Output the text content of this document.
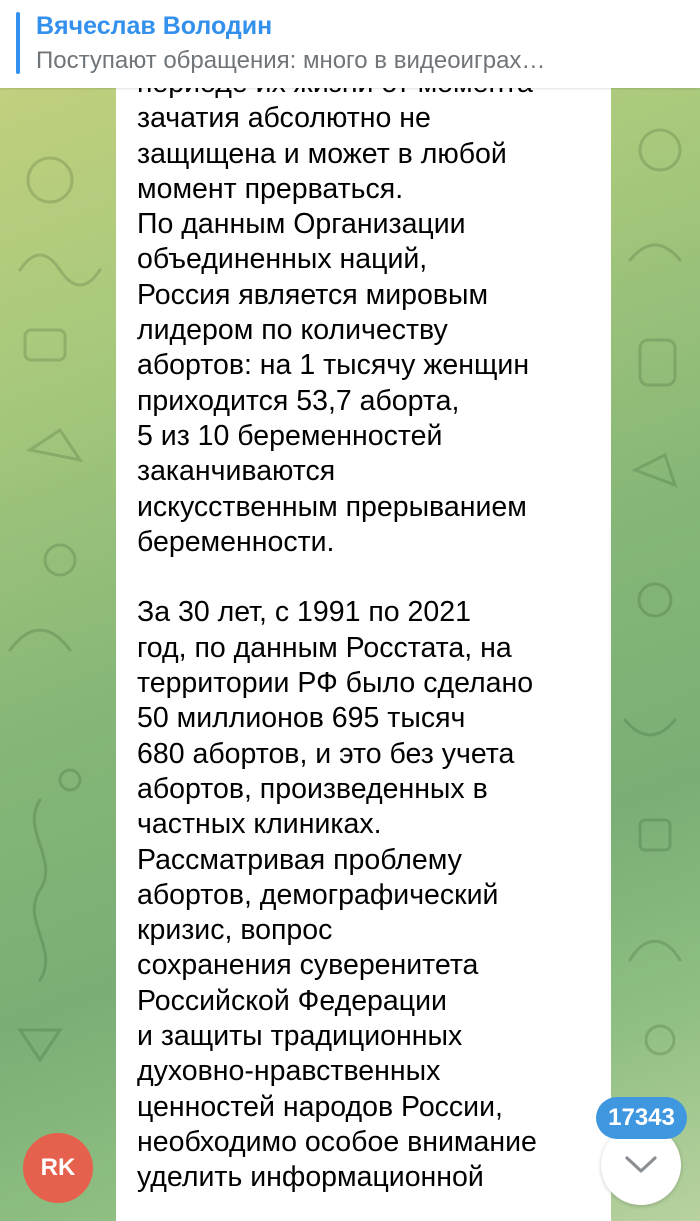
Вячеслав Володин
Поступают обращения: много в видеоиграх…
зачатия абсолютно не
защищена и может в любой
момент прерваться.
По данным Организации
объединенных наций,
Россия является мировым
лидером по количеству
абортов: на 1 тысячу женщин
приходится 53,7 аборта,
5 из 10 беременностей
заканчиваются
искусственным прерыванием
беременности.

За 30 лет, с 1991 по 2021
год, по данным Росстата, на
территории РФ было сделано
50 миллионов 695 тысяч
680 абортов, и это без учета
абортов, произведенных в
частных клиниках.
Рассматривая проблему
абортов, демографический
кризис, вопрос
сохранения суверенитета
Российской Федерации
и защиты традиционных
духовно-нравственных
ценностей народов России,
необходимо особое внимание
уделить информационной
RK
17343
